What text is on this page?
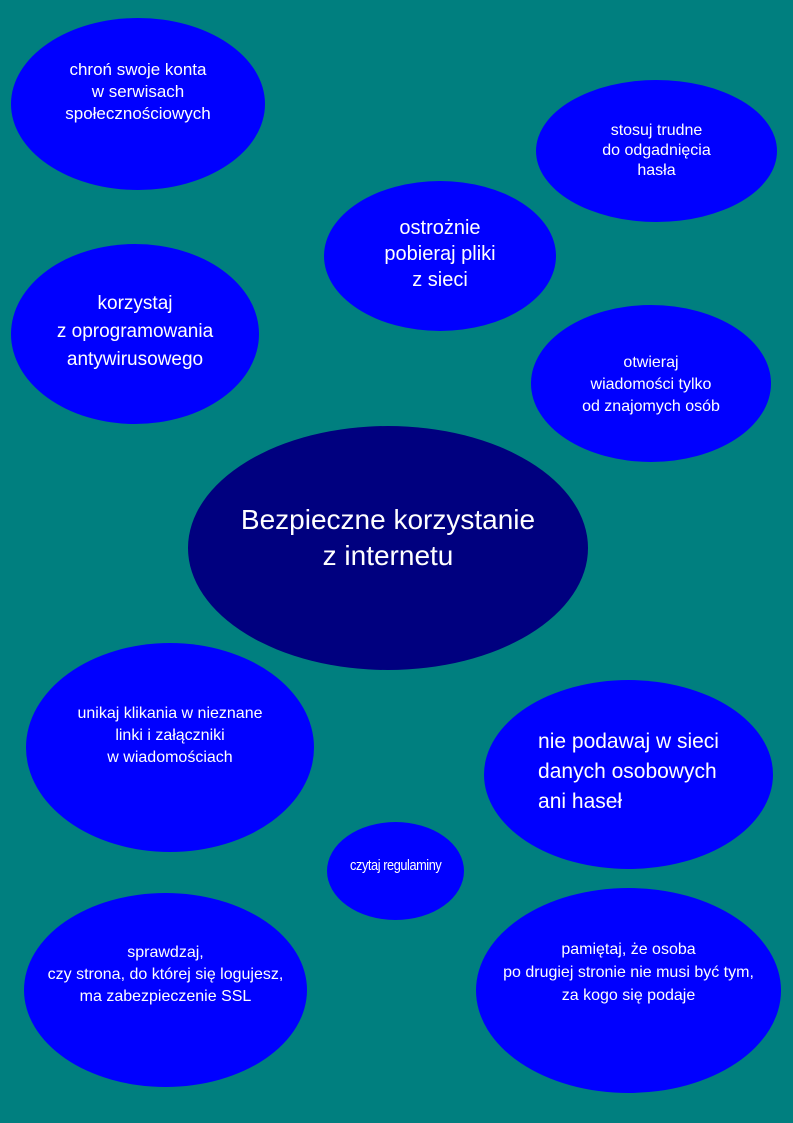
Bezpieczne korzystanie
z internetu
chroń swoje konta
w serwisach
społecznościowych
stosuj trudne
do odgadnięcia
hasła
ostrożnie
pobieraj pliki
z sieci
korzystaj
z oprogramowania
antywirusowego	otwieraj
wiadomości tylko
od znajomych osób
unikaj klikania w nieznane
linki i załączniki
w wiadomościach
nie podawaj w sieci
danych osobowych
ani haseł
czytaj regulaminy
sprawdzaj,
czy strona, do której się logujesz,
ma zabezpieczenie SSL
pamiętaj, że osoba
po drugiej stronie nie musi być tym,
za kogo się podaje
